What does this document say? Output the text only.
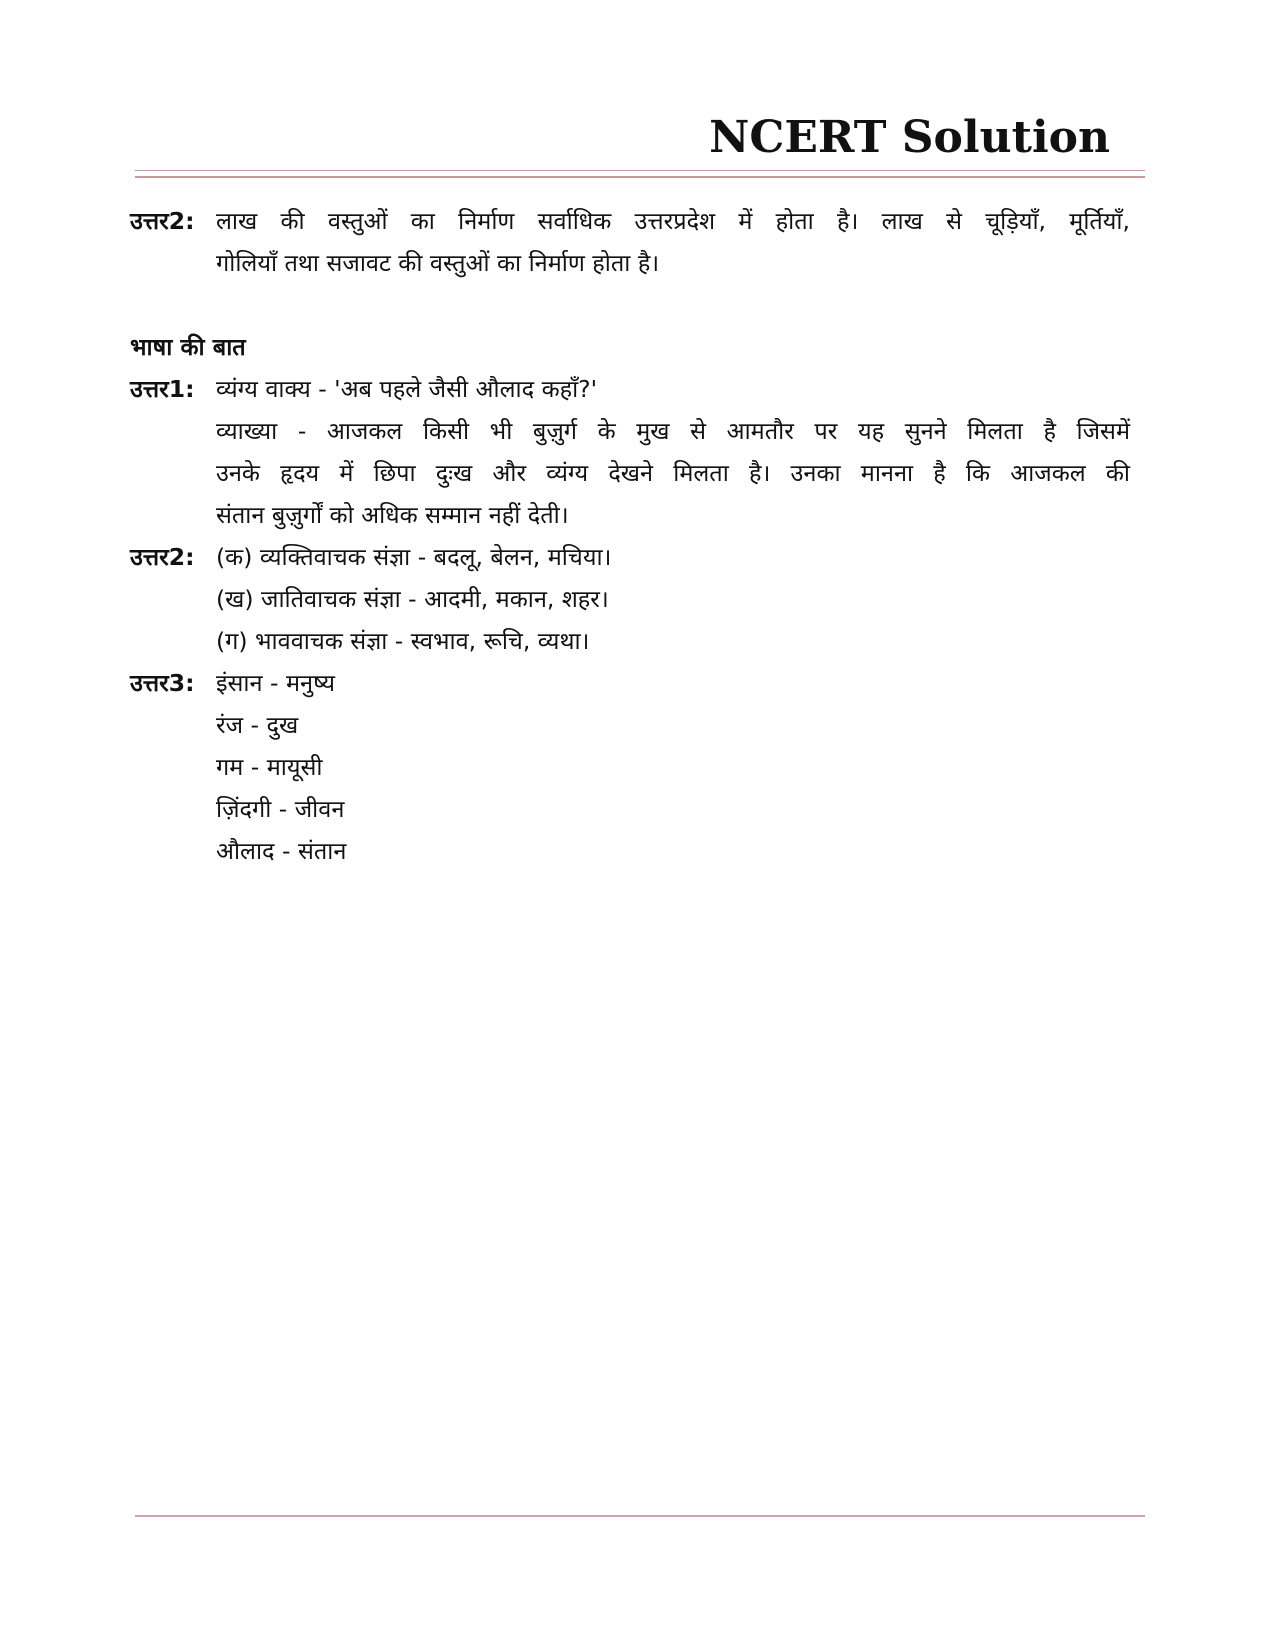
NCERT Solution
उत्तर2: लाख की वस्तुओं का निर्माण सर्वाधिक उत्तरप्रदेश में होता है। लाख से चूड़ियाँ, मूर्तियाँ,
गोलियाँ तथा सजावट की वस्तुओं का निर्माण होता है।
भाषा की बात
उत्तर1: व्यंग्य वाक्य - 'अब पहले जैसी औलाद कहाँ?'
व्याख्या - आजकल किसी भी बुज़ुर्ग के मुख से आमतौर पर यह सुनने मिलता है जिसमें
उनके हृदय में छिपा दुःख और व्यंग्य देखने मिलता है। उनका मानना है कि आजकल की
संतान बुज़ुर्गों को अधिक सम्मान नहीं देती।
उत्तर2: (क) व्यक्तिवाचक संज्ञा - बदलू, बेलन, मचिया।
(ख) जातिवाचक संज्ञा - आदमी, मकान, शहर।
(ग) भाववाचक संज्ञा - स्वभाव, रूचि, व्यथा।
उत्तर3: इंसान - मनुष्य
रंज - दुख
गम - मायूसी
ज़िंदगी - जीवन
औलाद - संतान
